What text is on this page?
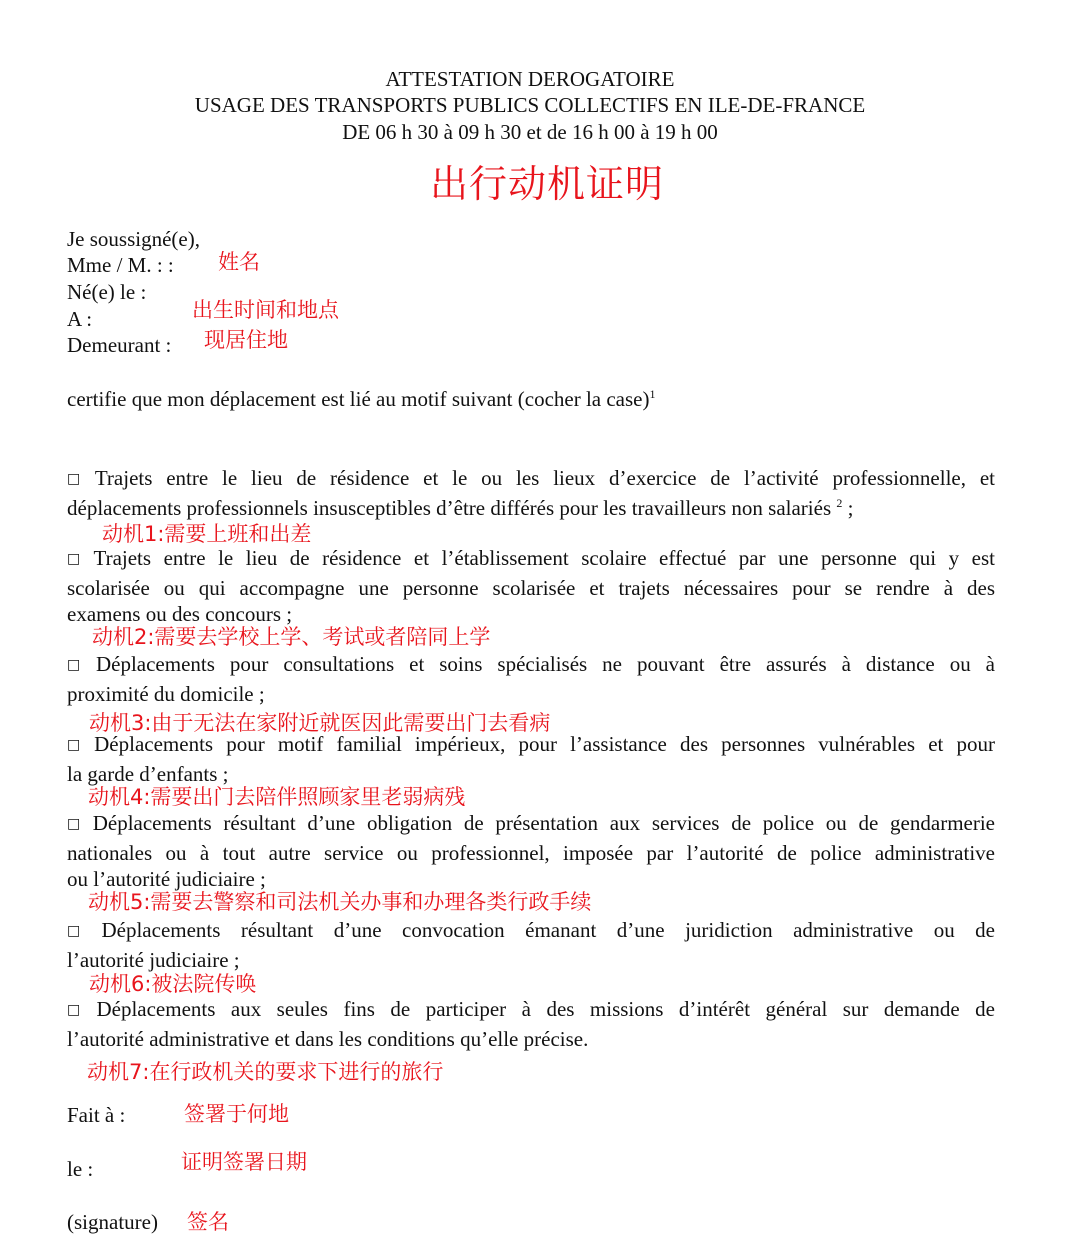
ATTESTATION DEROGATOIRE
USAGE DES TRANSPORTS PUBLICS COLLECTIFS EN ILE-DE-FRANCE
DE 06 h 30 à 09 h 30 et de 16 h 00 à 19 h 00
出行动机证明
Je soussigné(e),
Mme / M. : : 姓名
Né(e) le :
A :	出生时间和地点
Demeurant : 现居住地
certifie que mon déplacement est lié au motif suivant (cocher la case)$^1$
□ Trajets entre le lieu de résidence et le ou les lieux d’exercice de l’activité professionnelle, et
déplacements professionnels insusceptibles d’être différés pour les travailleurs non salariés $^2$ ;
动机1:需要上班和出差
□ Trajets entre le lieu de résidence et l’établissement scolaire effectué par une personne qui y est
scolarisée ou qui accompagne une personne scolarisée et trajets nécessaires pour se rendre à des
examens ou des concours ;
动机2:需要去学校上学、考试或者陪同上学
□ Déplacements pour consultations et soins spécialisés ne pouvant être assurés à distance ou à
proximité du domicile ;
动机3:由于无法在家附近就医因此需要出门去看病
□ Déplacements pour motif familial impérieux, pour l’assistance des personnes vulnérables et pour
la garde d’enfants ;
动机4:需要出门去陪伴照顾家里老弱病残
□ Déplacements résultant d’une obligation de présentation aux services de police ou de gendarmerie
nationales ou à tout autre service ou professionnel, imposée par l’autorité de police administrative
ou l’autorité judiciaire ;
动机5:需要去警察和司法机关办事和办理各类行政手续
□ Déplacements résultant d’une convocation émanant d’une juridiction administrative ou de
l’autorité judiciaire ;
动机6:被法院传唤
□ Déplacements aux seules fins de participer à des missions d’intérêt général sur demande de
l’autorité administrative et dans les conditions qu’elle précise.
动机7:在行政机关的要求下进行的旅行
Fait à :	签署于何地
le :	证明签署日期
(signature) 签名
